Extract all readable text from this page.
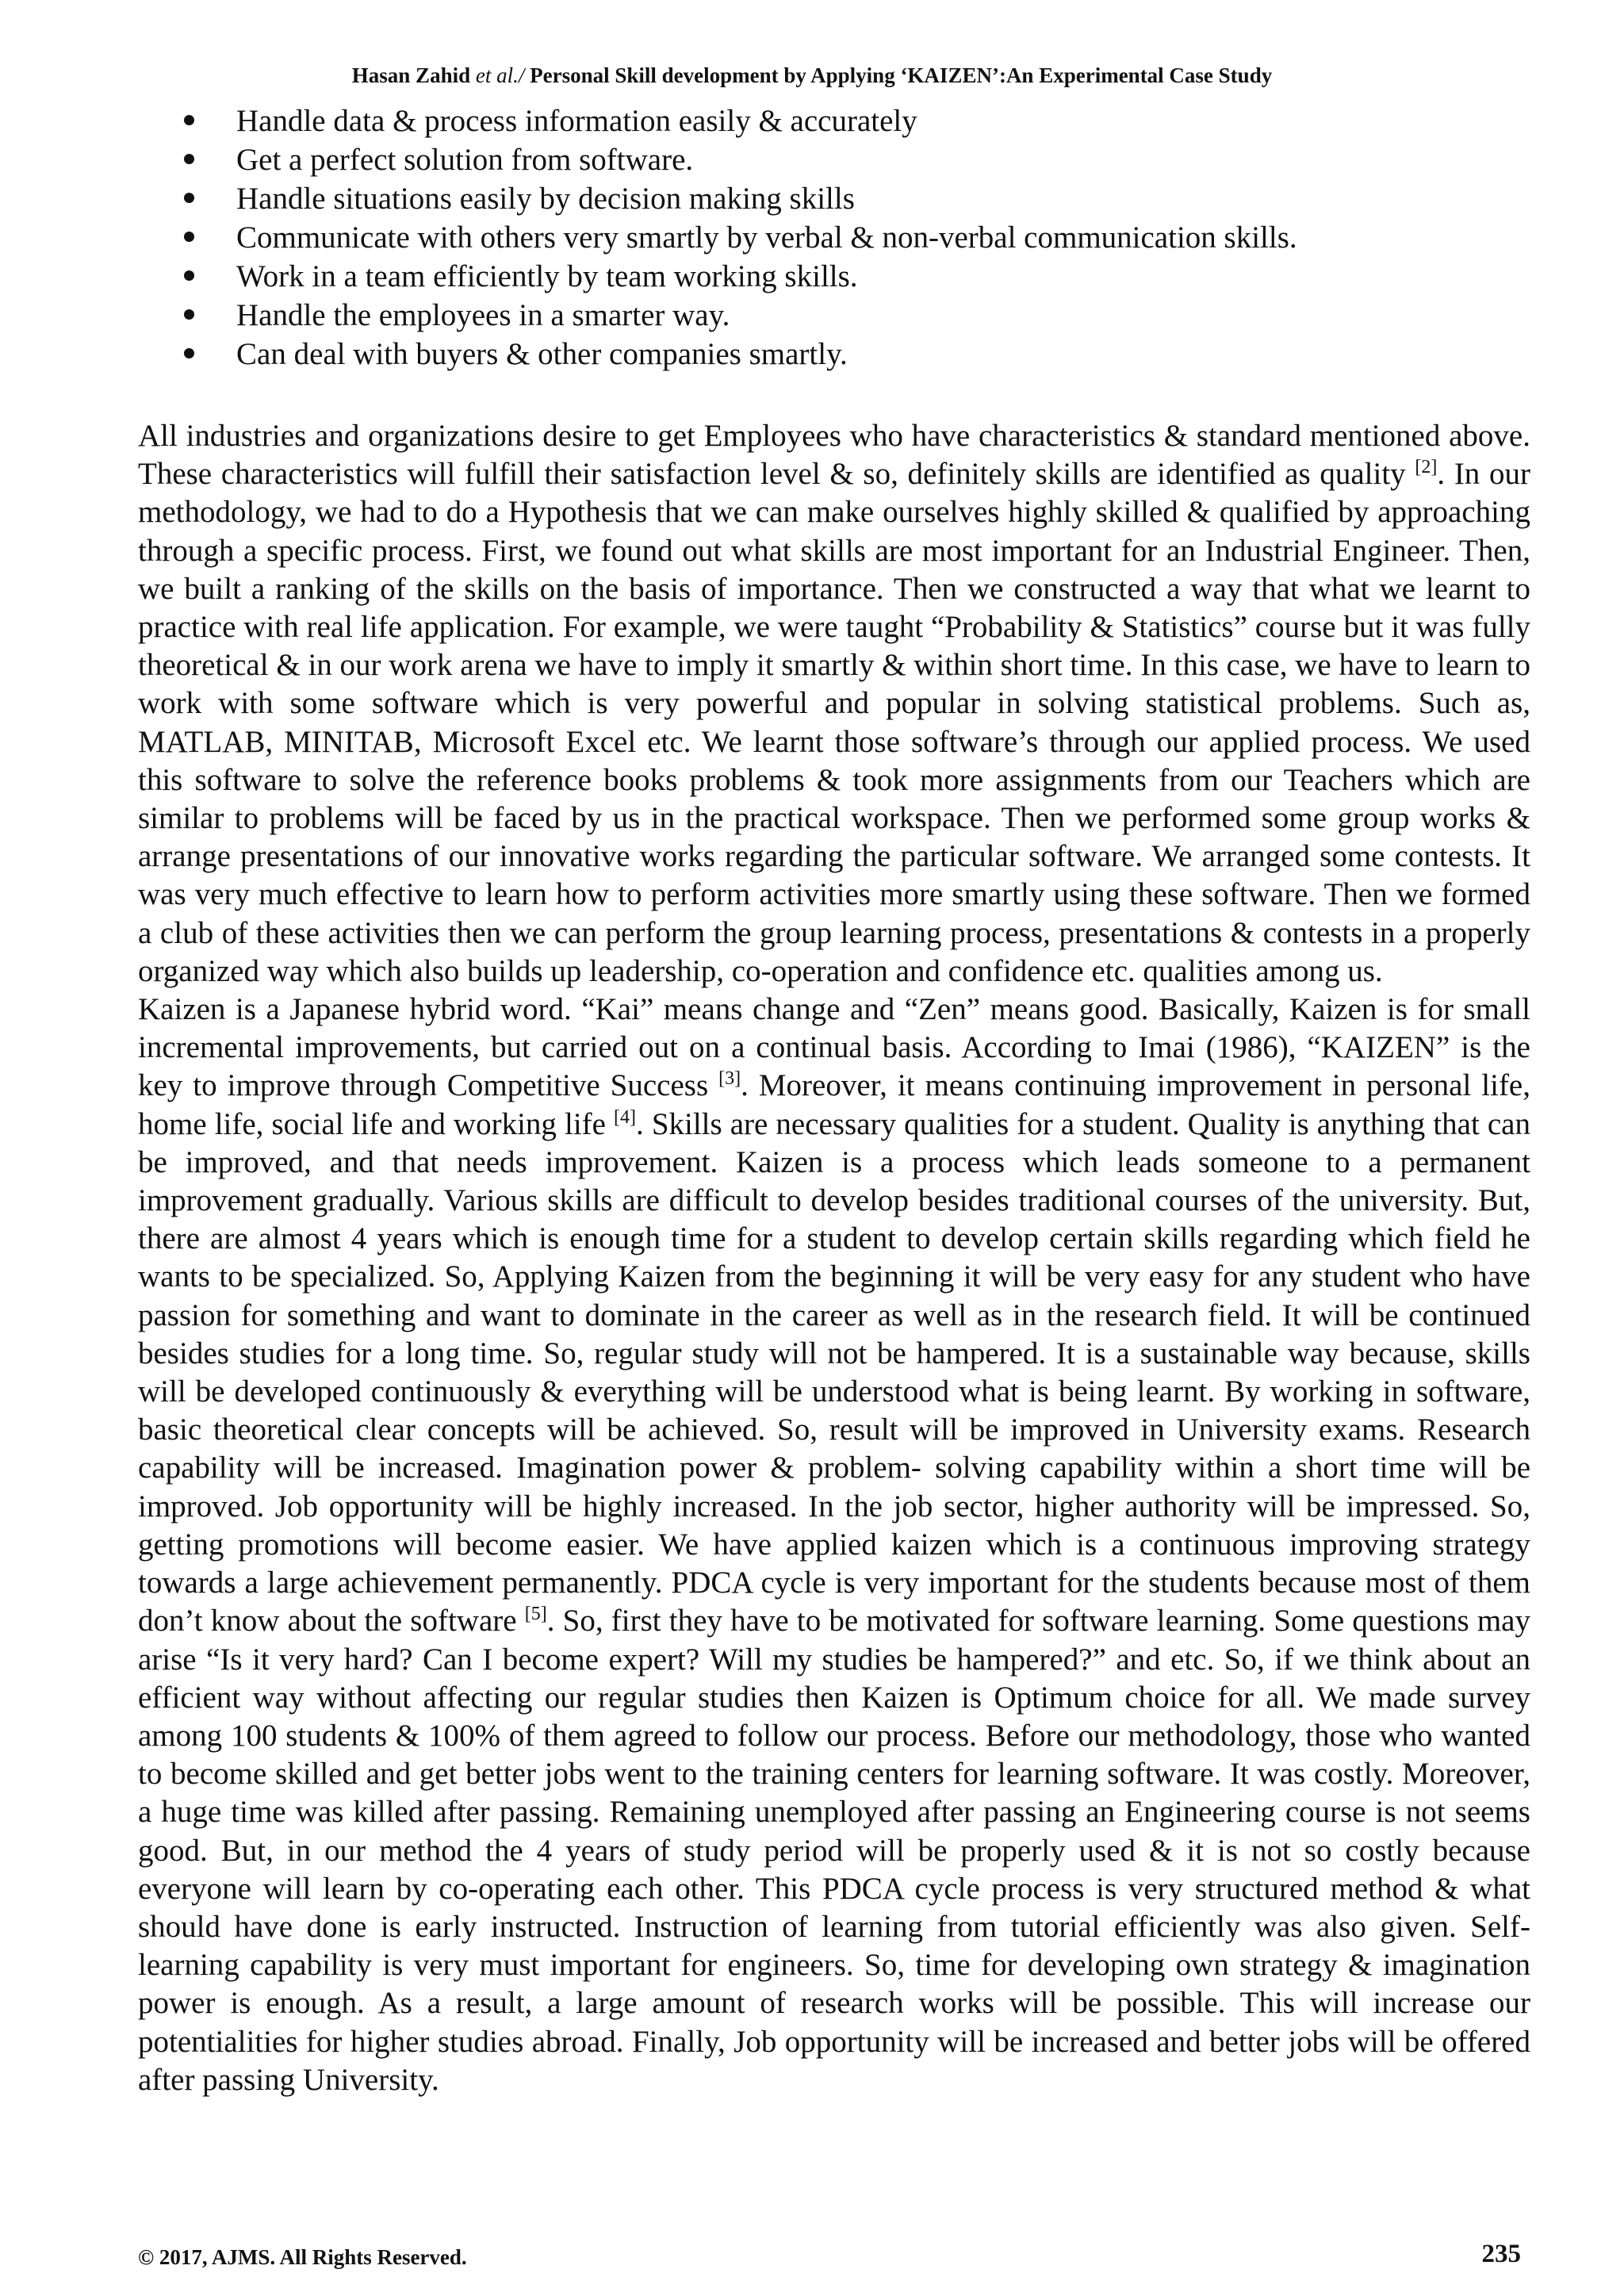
Hasan Zahid et al./ Personal Skill development by Applying ‘KAIZEN’:An Experimental Case Study
Handle data & process information easily & accurately
Get a perfect solution from software.
Handle situations easily by decision making skills
Communicate with others very smartly by verbal & non-verbal communication skills.
Work in a team efficiently by team working skills.
Handle the employees in a smarter way.
Can deal with buyers & other companies smartly.

All industries and organizations desire to get Employees who have characteristics & standard mentioned above. These characteristics will fulfill their satisfaction level & so, definitely skills are identified as quality [2]. In our methodology, we had to do a Hypothesis that we can make ourselves highly skilled & qualified by approaching through a specific process. First, we found out what skills are most important for an Industrial Engineer. Then, we built a ranking of the skills on the basis of importance. Then we constructed a way that what we learnt to practice with real life application. For example, we were taught “Probability & Statistics” course but it was fully theoretical & in our work arena we have to imply it smartly & within short time. In this case, we have to learn to work with some software which is very powerful and popular in solving statistical problems. Such as, MATLAB, MINITAB, Microsoft Excel etc. We learnt those software’s through our applied process. We used this software to solve the reference books problems & took more assignments from our Teachers which are similar to problems will be faced by us in the practical workspace. Then we performed some group works & arrange presentations of our innovative works regarding the particular software. We arranged some contests. It was very much effective to learn how to perform activities more smartly using these software. Then we formed a club of these activities then we can perform the group learning process, presentations & contests in a properly organized way which also builds up leadership, co-operation and confidence etc. qualities among us.

Kaizen is a Japanese hybrid word. “Kai” means change and “Zen” means good. Basically, Kaizen is for small incremental improvements, but carried out on a continual basis. According to Imai (1986), “KAIZEN” is the key to improve through Competitive Success [3]. Moreover, it means continuing improvement in personal life, home life, social life and working life [4]. Skills are necessary qualities for a student. Quality is anything that can be improved, and that needs improvement. Kaizen is a process which leads someone to a permanent improvement gradually. Various skills are difficult to develop besides traditional courses of the university. But, there are almost 4 years which is enough time for a student to develop certain skills regarding which field he wants to be specialized. So, Applying Kaizen from the beginning it will be very easy for any student who have passion for something and want to dominate in the career as well as in the research field. It will be continued besides studies for a long time. So, regular study will not be hampered. It is a sustainable way because, skills will be developed continuously & everything will be understood what is being learnt. By working in software, basic theoretical clear concepts will be achieved. So, result will be improved in University exams. Research capability will be increased. Imagination power & problem- solving capability within a short time will be improved. Job opportunity will be highly increased. In the job sector, higher authority will be impressed. So, getting promotions will become easier. We have applied kaizen which is a continuous improving strategy towards a large achievement permanently. PDCA cycle is very important for the students because most of them don’t know about the software [5]. So, first they have to be motivated for software learning. Some questions may arise “Is it very hard? Can I become expert? Will my studies be hampered?” and etc. So, if we think about an efficient way without affecting our regular studies then Kaizen is Optimum choice for all. We made survey among 100 students & 100% of them agreed to follow our process. Before our methodology, those who wanted to become skilled and get better jobs went to the training centers for learning software. It was costly. Moreover, a huge time was killed after passing. Remaining unemployed after passing an Engineering course is not seems good. But, in our method the 4 years of study period will be properly used & it is not so costly because everyone will learn by co-operating each other. This PDCA cycle process is very structured method & what should have done is early instructed. Instruction of learning from tutorial efficiently was also given. Self-learning capability is very must important for engineers. So, time for developing own strategy & imagination power is enough. As a result, a large amount of research works will be possible. This will increase our potentialities for higher studies abroad. Finally, Job opportunity will be increased and better jobs will be offered after passing University.

© 2017, AJMS. All Rights Reserved.	235
